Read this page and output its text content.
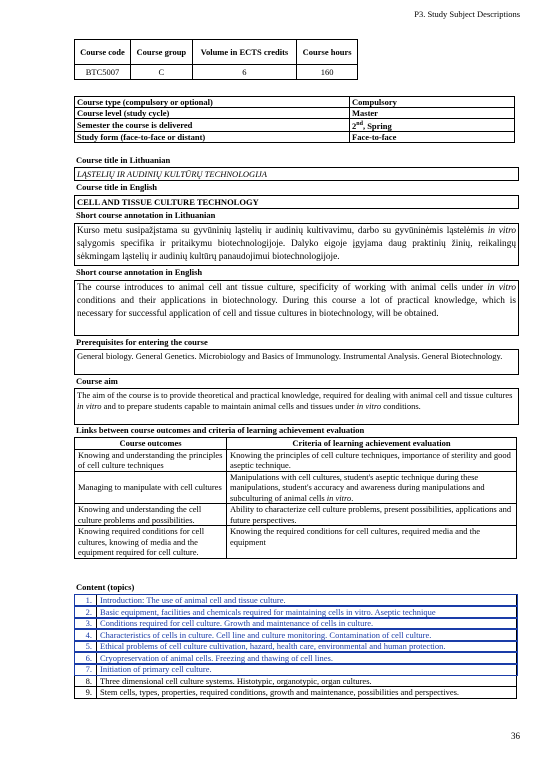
P3. Study Subject Descriptions
Course code	Course group	Volume in ECTS credits	Course hours
BTC5007	C	6	160
Course type (compulsory or optional)	Compulsory
Course level (study cycle)	Master
Semester the course is delivered	2nd, Spring
Study form (face-to-face or distant)	Face-to-face
Course title in Lithuanian
LĄSTELIŲ IR AUDINIŲ KULTŪRŲ TECHNOLOGIJA
Course title in English
CELL AND TISSUE CULTURE TECHNOLOGY
Short course annotation in Lithuanian
Kurso metu susipažįstama su gyvūninių ląstelių ir audinių kultivavimu, darbo su gyvūninėmis ląstelėmis in vitro sąlygomis specifika ir pritaikymu biotechnologijoje. Dalyko eigoje įgyjama daug praktinių žinių, reikalingų sėkmingam ląstelių ir audinių kultūrų panaudojimui biotechnologijoje.
Short course annotation in English
The course introduces to animal cell ant tissue culture, specificity of working with animal cells under in vitro conditions and their applications in biotechnology. During this course a lot of practical knowledge, which is necessary for successful application of cell and tissue cultures in biotechnology, will be obtained.
Prerequisites for entering the course
General biology. General Genetics. Microbiology and Basics of Immunology. Instrumental Analysis. General Biotechnology.
Course aim
The aim of the course is to provide theoretical and practical knowledge, required for dealing with animal cell and tissue cultures in vitro and to prepare students capable to maintain animal cells and tissues under in vitro conditions.
Links between course outcomes and criteria of learning achievement evaluation
Course outcomes	Criteria of learning achievement evaluation
Knowing and understanding the principles of cell culture techniques	Knowing the principles of cell culture techniques, importance of sterility and good aseptic technique.
Managing to manipulate with cell cultures	Manipulations with cell cultures, student's aseptic technique during these manipulations, student's accuracy and awareness during manipulations and subculturing of animal cells in vitro.
Knowing and understanding the cell culture problems and possibilities.	Ability to characterize cell culture problems, present possibilities, applications and future perspectives.
Knowing required conditions for cell cultures, knowing of media and the equipment required for cell culture.	Knowing the required conditions for cell cultures, required media and the equipment
Content (topics)
1.	Introduction: The use of animal cell and tissue culture.
2.	Basic equipment, facilities and chemicals required for maintaining cells in vitro. Aseptic technique
3.	Conditions required for cell culture. Growth and maintenance of cells in culture.
4.	Characteristics of cells in culture. Cell line and culture monitoring. Contamination of cell culture.
5.	Ethical problems of cell culture cultivation, hazard, health care, environmental and human protection.
6.	Cryopreservation of animal cells. Freezing and thawing of cell lines.
7.	Initiation of primary cell culture.
8.	Three dimensional cell culture systems. Histotypic, organotypic, organ cultures.
9.	Stem cells, types, properties, required conditions, growth and maintenance, possibilities and perspectives.
36
